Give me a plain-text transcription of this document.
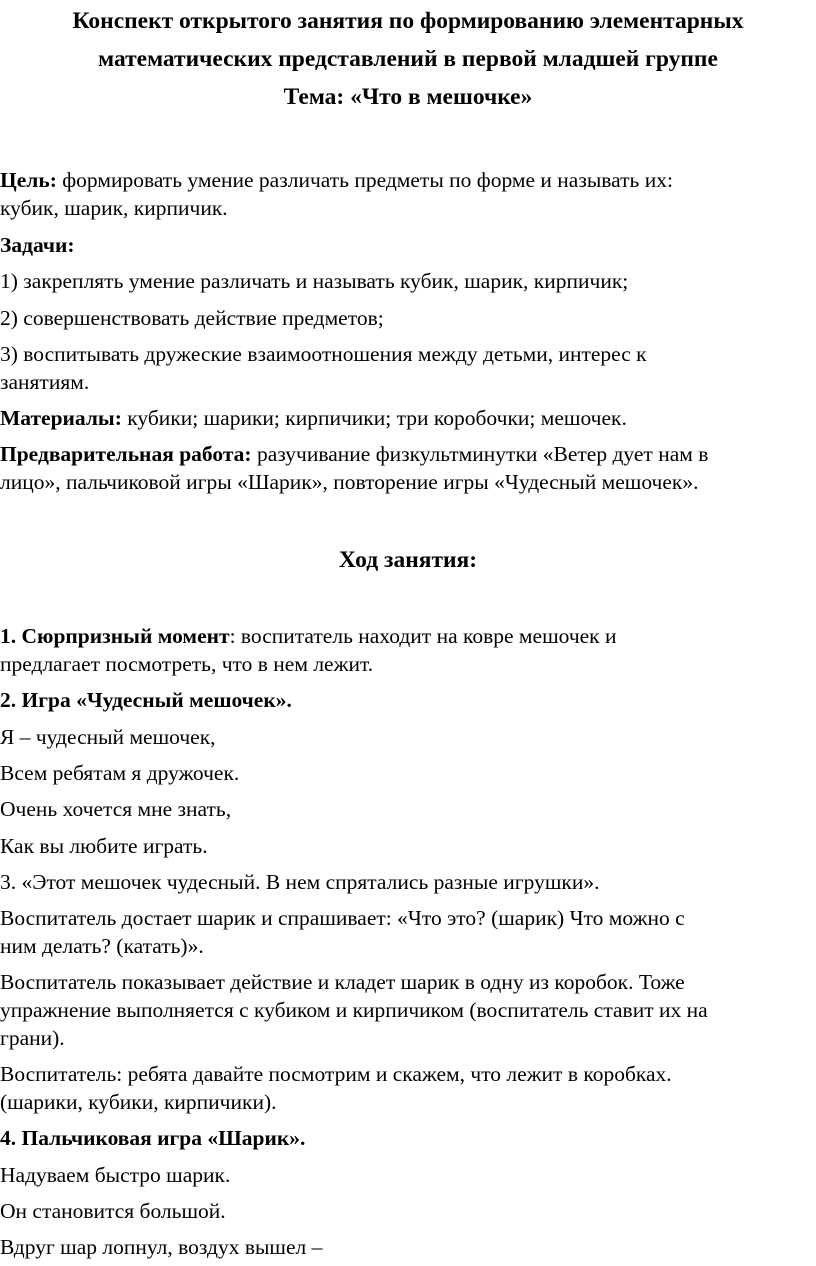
Конспект открытого занятия по формированию элементарных

математических представлений в первой младшей группе

Тема: «Что в мешочке»

Цель: формировать умение различать предметы по форме и называть их:

кубик, шарик, кирпичик.

Задачи:

1) закреплять умение различать и называть кубик, шарик, кирпичик;

2) совершенствовать действие предметов;

3) воспитывать дружеские взаимоотношения между детьми, интерес к

занятиям.

Материалы: кубики; шарики; кирпичики; три коробочки; мешочек.

Предварительная работа: разучивание физкультминутки «Ветер дует нам в

лицо», пальчиковой игры «Шарик», повторение игры «Чудесный мешочек».

Ход занятия:

1. Сюрпризный момент: воспитатель находит на ковре мешочек и

предлагает посмотреть, что в нем лежит.

2. Игра «Чудесный мешочек».

Я – чудесный мешочек,

Всем ребятам я дружочек.

Очень хочется мне знать,

Как вы любите играть.

3. «Этот мешочек чудесный. В нем спрятались разные игрушки».

Воспитатель достает шарик и спрашивает: «Что это? (шарик) Что можно с

ним делать? (катать)».

Воспитатель показывает действие и кладет шарик в одну из коробок. Тоже

упражнение выполняется с кубиком и кирпичиком (воспитатель ставит их на

грани).

Воспитатель: ребята давайте посмотрим и скажем, что лежит в коробках.

(шарики, кубики, кирпичики).

4. Пальчиковая игра «Шарик».

Надуваем быстро шарик.

Он становится большой.

Вдруг шар лопнул, воздух вышел –
